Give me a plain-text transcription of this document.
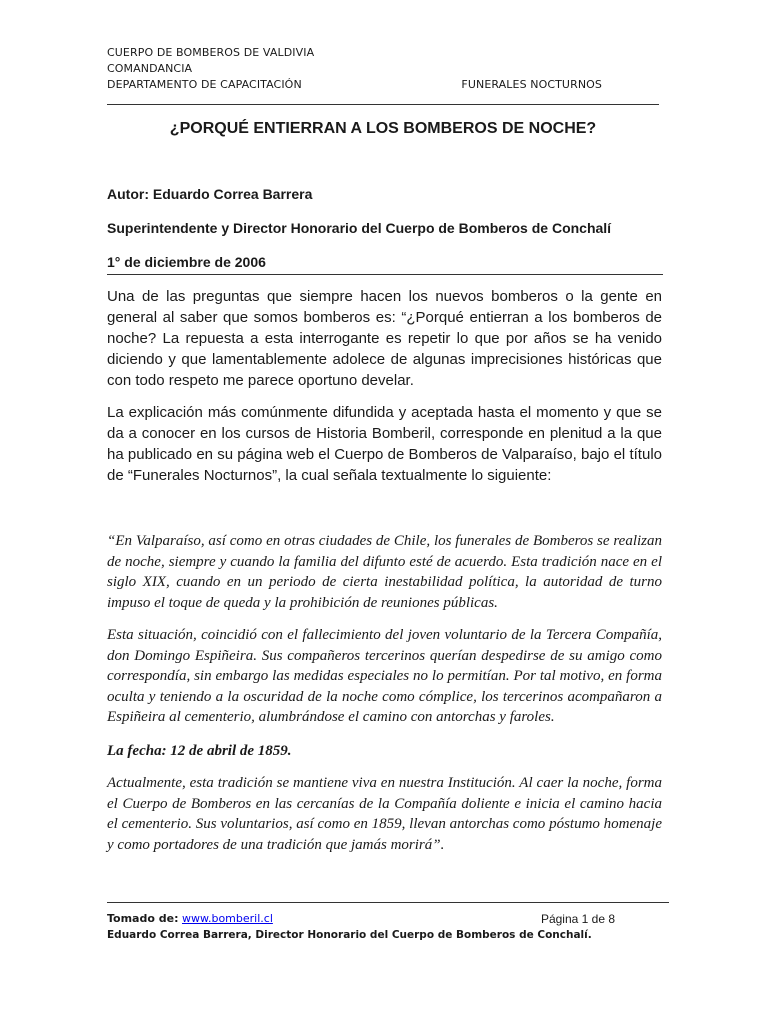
CUERPO DE BOMBEROS DE VALDIVIA
COMANDANCIA
DEPARTAMENTO DE CAPACITACIÓN	FUNERALES NOCTURNOS
¿PORQUÉ ENTIERRAN A LOS BOMBEROS DE NOCHE?
Autor: Eduardo Correa Barrera
Superintendente y Director Honorario del Cuerpo de Bomberos de Conchalí
1° de diciembre de 2006

Una de las preguntas que siempre hacen los nuevos bomberos o la gente en general al saber que somos bomberos es: “¿Porqué entierran a los bomberos de noche? La repuesta a esta interrogante es repetir lo que por años se ha venido diciendo y que lamentablemente adolece de algunas imprecisiones históricas que con todo respeto me parece oportuno develar.

La explicación más comúnmente difundida y aceptada hasta el momento y que se da a conocer en los cursos de Historia Bomberil, corresponde en plenitud a la que ha publicado en su página web el Cuerpo de Bomberos de Valparaíso, bajo el título de “Funerales Nocturnos”, la cual señala textualmente lo siguiente:

“En Valparaíso, así como en otras ciudades de Chile, los funerales de Bomberos se realizan de noche, siempre y cuando la familia del difunto esté de acuerdo. Esta tradición nace en el siglo XIX, cuando en un periodo de cierta inestabilidad política, la autoridad de turno impuso el toque de queda y la prohibición de reuniones públicas.

Esta situación, coincidió con el fallecimiento del joven voluntario de la Tercera Compañía, don Domingo Espiñeira. Sus compañeros tercerinos querían despedirse de su amigo como correspondía, sin embargo las medidas especiales no lo permitían. Por tal motivo, en forma oculta y teniendo a la oscuridad de la noche como cómplice, los tercerinos acompañaron a Espiñeira al cementerio, alumbrándose el camino con antorchas y faroles.

La fecha: 12 de abril de 1859.

Actualmente, esta tradición se mantiene viva en nuestra Institución. Al caer la noche, forma el Cuerpo de Bomberos en las cercanías de la Compañía doliente e inicia el camino hacia el cementerio. Sus voluntarios, así como en 1859, llevan antorchas como póstumo homenaje y como portadores de una tradición que jamás morirá”.

Tomado de: www.bomberil.cl	Página 1 de 8
Eduardo Correa Barrera, Director Honorario del Cuerpo de Bomberos de Conchalí.
